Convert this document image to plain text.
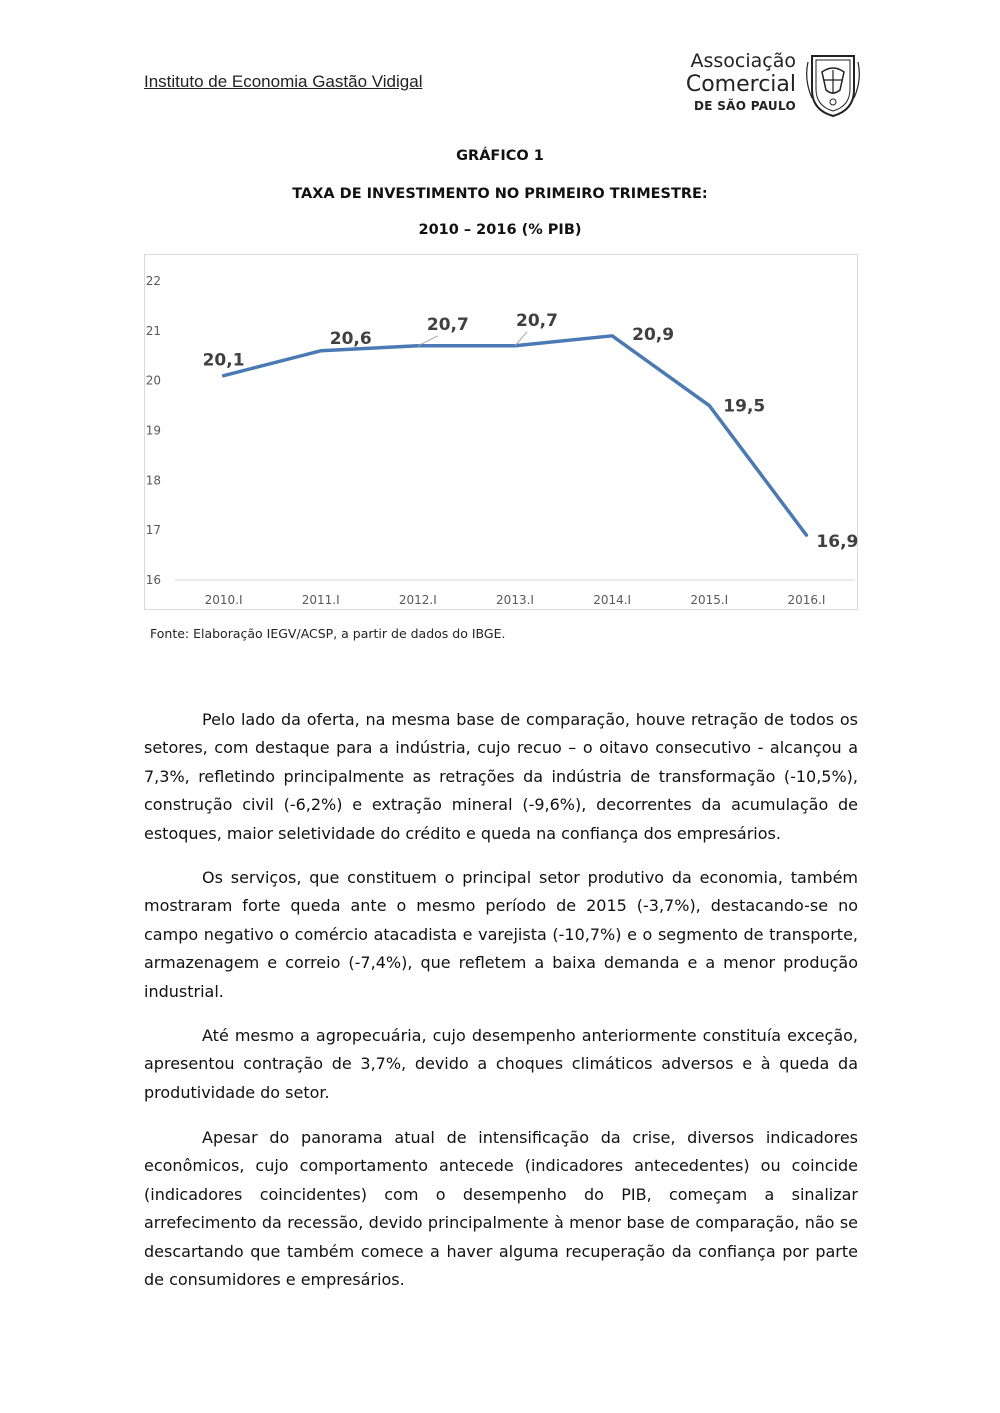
Instituto de Economia Gastão Vidigal
Associação
Comercial
DE SÃO PAULO
GRÁFICO 1
TAXA DE INVESTIMENTO NO PRIMEIRO TRIMESTRE:
2010 – 2016 (% PIB)
16
17
18
19
20
21
22
2010.I	2011.I	2012.I	2013.I	2014.I	2015.I	2016.I
20,1
20,6
20,7	20,7
20,9
19,5
16,9
Fonte: Elaboração IEGV/ACSP, a partir de dados do IBGE.

Pelo lado da oferta, na mesma base de comparação, houve retração de todos os setores, com destaque para a indústria, cujo recuo – o oitavo consecutivo - alcançou a 7,3%, refletindo principalmente as retrações da indústria de transformação (-10,5%), construção civil (-6,2%) e extração mineral (-9,6%), decorrentes da acumulação de estoques, maior seletividade do crédito e queda na confiança dos empresários.

Os serviços, que constituem o principal setor produtivo da economia, também mostraram forte queda ante o mesmo período de 2015 (-3,7%), destacando-se no campo negativo o comércio atacadista e varejista (-10,7%) e o segmento de transporte, armazenagem e correio (-7,4%), que refletem a baixa demanda e a menor produção industrial.

Até mesmo a agropecuária, cujo desempenho anteriormente constituía exceção, apresentou contração de 3,7%, devido a choques climáticos adversos e à queda da produtividade do setor.

Apesar do panorama atual de intensificação da crise, diversos indicadores econômicos, cujo comportamento antecede (indicadores antecedentes) ou coincide (indicadores coincidentes) com o desempenho do PIB, começam a sinalizar arrefecimento da recessão, devido principalmente à menor base de comparação, não se descartando que também comece a haver alguma recuperação da confiança por parte de consumidores e empresários.
